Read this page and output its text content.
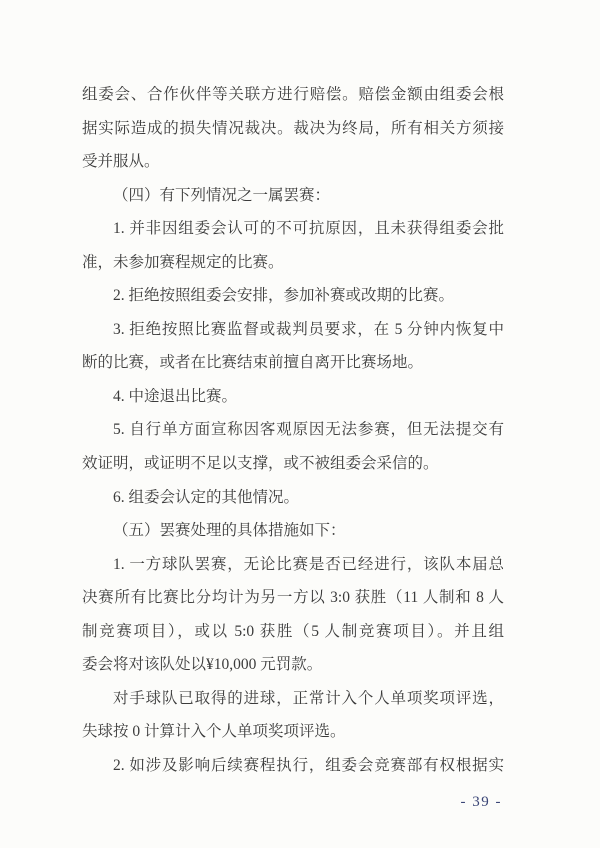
组委会、合作伙伴等关联方进行赔偿。赔偿金额由组委会根
据实际造成的损失情况裁决。裁决为终局，所有相关方须接
受并服从。
（四）有下列情况之一属罢赛：
1. 并非因组委会认可的不可抗原因，且未获得组委会批
准，未参加赛程规定的比赛。
2. 拒绝按照组委会安排，参加补赛或改期的比赛。
3. 拒绝按照比赛监督或裁判员要求，在 5 分钟内恢复中
断的比赛，或者在比赛结束前擅自离开比赛场地。
4. 中途退出比赛。
5. 自行单方面宣称因客观原因无法参赛，但无法提交有
效证明，或证明不足以支撑，或不被组委会采信的。
6. 组委会认定的其他情况。
（五）罢赛处理的具体措施如下：
1. 一方球队罢赛，无论比赛是否已经进行，该队本届总
决赛所有比赛比分均计为另一方以 3:0 获胜（11 人制和 8 人
制竞赛项目），或以 5:0 获胜（5 人制竞赛项目）。并且组
委会将对该队处以¥10,000 元罚款。
对手球队已取得的进球，正常计入个人单项奖项评选，
失球按 0 计算计入个人单项奖项评选。
2. 如涉及影响后续赛程执行，组委会竞赛部有权根据实
- 39 -
